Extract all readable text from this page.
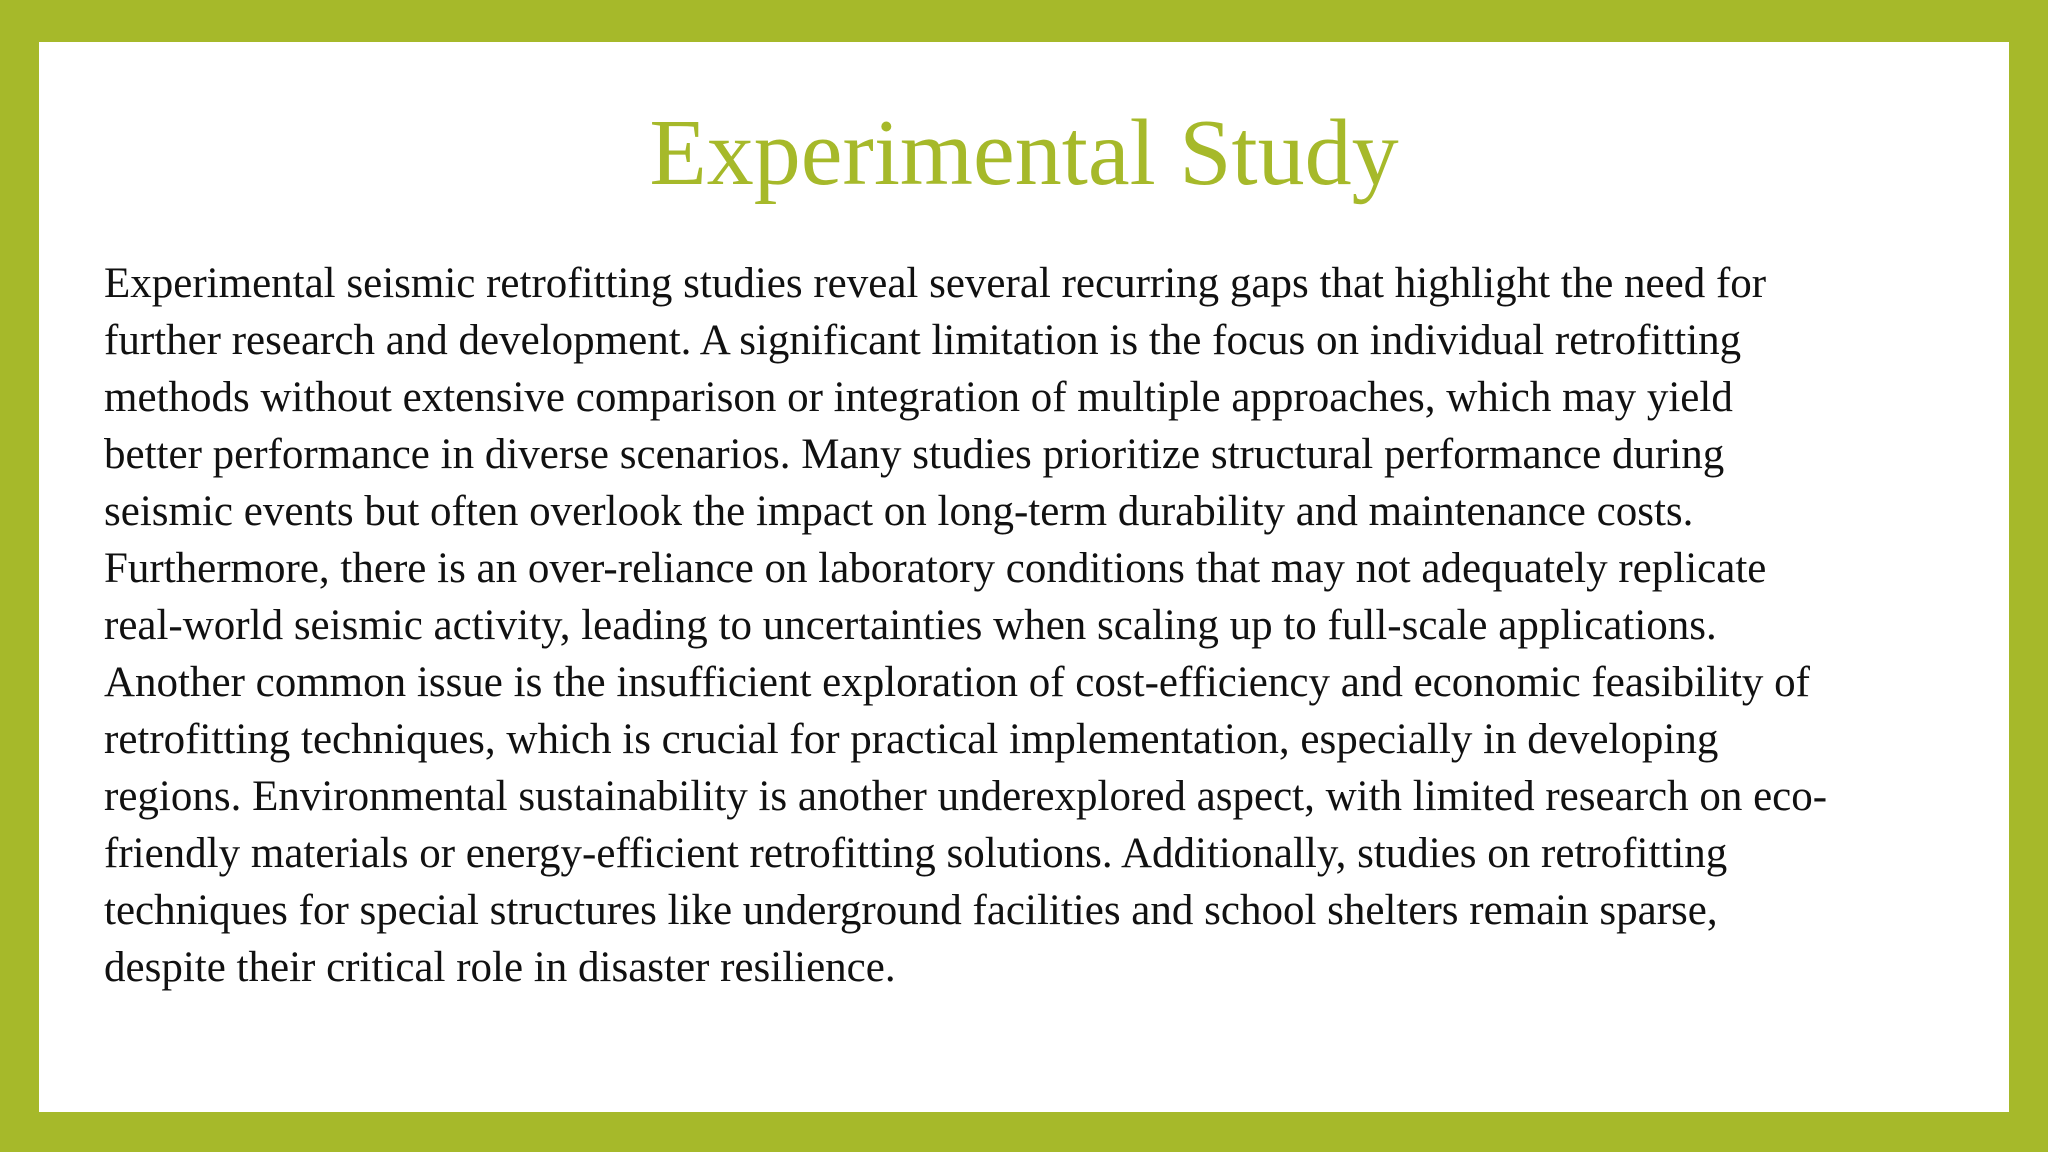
Experimental Study

Experimental seismic retrofitting studies reveal several recurring gaps that highlight the need for
further research and development. A significant limitation is the focus on individual retrofitting
methods without extensive comparison or integration of multiple approaches, which may yield
better performance in diverse scenarios. Many studies prioritize structural performance during
seismic events but often overlook the impact on long-term durability and maintenance costs.
Furthermore, there is an over-reliance on laboratory conditions that may not adequately replicate
real-world seismic activity, leading to uncertainties when scaling up to full-scale applications.
Another common issue is the insufficient exploration of cost-efficiency and economic feasibility of
retrofitting techniques, which is crucial for practical implementation, especially in developing
regions. Environmental sustainability is another underexplored aspect, with limited research on eco-
friendly materials or energy-efficient retrofitting solutions. Additionally, studies on retrofitting
techniques for special structures like underground facilities and school shelters remain sparse,
despite their critical role in disaster resilience.
